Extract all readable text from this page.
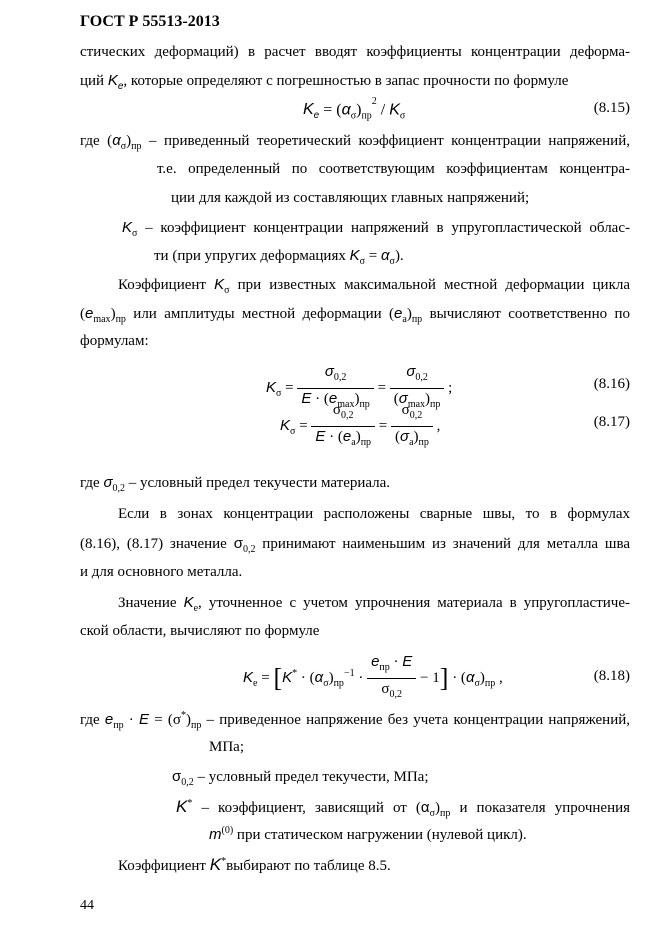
ГОСТ Р 55513-2013
стических деформаций) в расчет вводят коэффициенты концентрации деформа-
ций $K_e$, которые определяют с погрешностью в запас прочности по формуле
$K_e = (\alpha_\sigma)_{пр}^2 / K_\sigma$
(8.15)
где $(\alpha_\sigma)_{пр}$ – приведенный теоретический коэффициент концентрации напряжений,
т.е. определенный по соответствующим коэффициентам концентра-
ции для каждой из составляющих главных напряжений;
$K_\sigma$ – коэффициент концентрации напряжений в упругопластической облас-
ти (при упругих деформациях $K_\sigma = \alpha_\sigma$).
Коэффициент $K_\sigma$ при известных максимальной местной деформации цикла
$(e_{max})_{пр}$ или амплитуды местной деформации $(e_a)_{пр}$ вычисляют соответственно по
формулам:
$K_\sigma = \frac{\sigma_{0,2}}{E \cdot (e_{max})_{пр}} = \frac{\sigma_{0,2}}{(\sigma_{max})_{пр}}$ ;	(8.16)
$K_\sigma = \frac{\sigma_{0,2}}{E \cdot (e_a)_{пр}} = \frac{\sigma_{0,2}}{(\sigma_a)_{пр}}$ ,	(8.17)
где $\sigma_{0,2}$ – условный предел текучести материала.
Если в зонах концентрации расположены сварные швы, то в формулах
(8.16), (8.17) значение $\sigma_{0,2}$ принимают наименьшим из значений для металла шва
и для основного металла.
Значение $K_e$, уточненное с учетом упрочнения материала в упругопластиче-
ской области, вычисляют по формуле
$K_e = [K^* \cdot (\alpha_\sigma)_{пр}^{-1} \cdot \frac{e_{пр} \cdot E}{\sigma_{0,2}} - 1] \cdot (\alpha_\sigma)_{пр}$ ,	(8.18)
где $e_{пр} \cdot E = (\sigma^*)_{пр}$ – приведенное напряжение без учета концентрации напряжений,
МПа;
$\sigma_{0,2}$ – условный предел текучести, МПа;
K* – коэффициент, зависящий от $(\alpha_\sigma)_{пр}$ и показателя упрочнения
$m^{(0)}$ при статическом нагружении (нулевой цикл).
Коэффициент K*выбирают по таблице 8.5.
44
